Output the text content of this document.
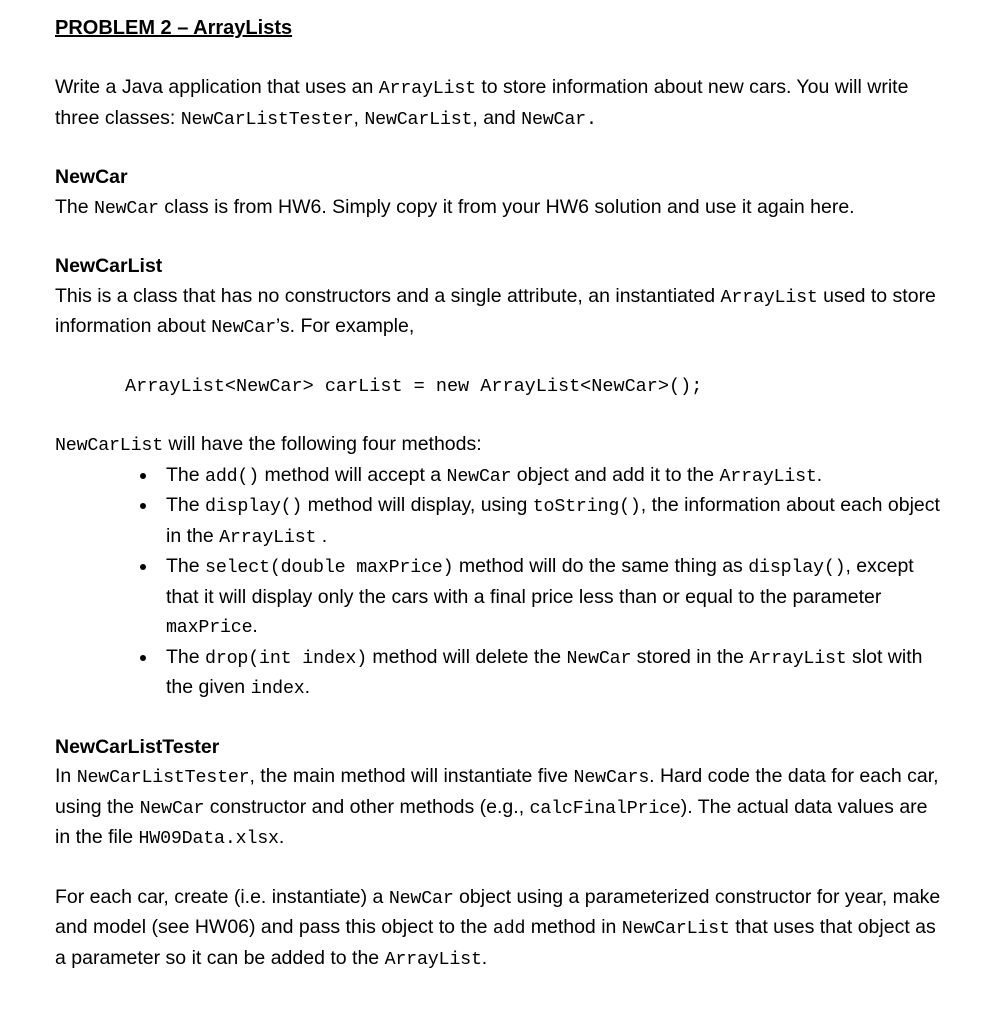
PROBLEM 2 – ArrayLists

Write a Java application that uses an ArrayList to store information about new cars. You will write three classes: NewCarListTester, NewCarList, and NewCar.

NewCar

The NewCar class is from HW6. Simply copy it from your HW6 solution and use it again here.

NewCarList

This is a class that has no constructors and a single attribute, an instantiated ArrayList used to store information about NewCar’s. For example,

ArrayList<NewCar> carList = new ArrayList<NewCar>();

NewCarList will have the following four methods:

• The add() method will accept a NewCar object and add it to the ArrayList.
• The display() method will display, using toString(), the information about each object in the ArrayList .
• The select(double maxPrice) method will do the same thing as display(), except that it will display only the cars with a final price less than or equal to the parameter maxPrice.
• The drop(int index) method will delete the NewCar stored in the ArrayList slot with the given index.

NewCarListTester

In NewCarListTester, the main method will instantiate five NewCars. Hard code the data for each car, using the NewCar constructor and other methods (e.g., calcFinalPrice). The actual data values are in the file HW09Data.xlsx.

For each car, create (i.e. instantiate) a NewCar object using a parameterized constructor for year, make and model (see HW06) and pass this object to the add method in NewCarList that uses that object as a parameter so it can be added to the ArrayList.
